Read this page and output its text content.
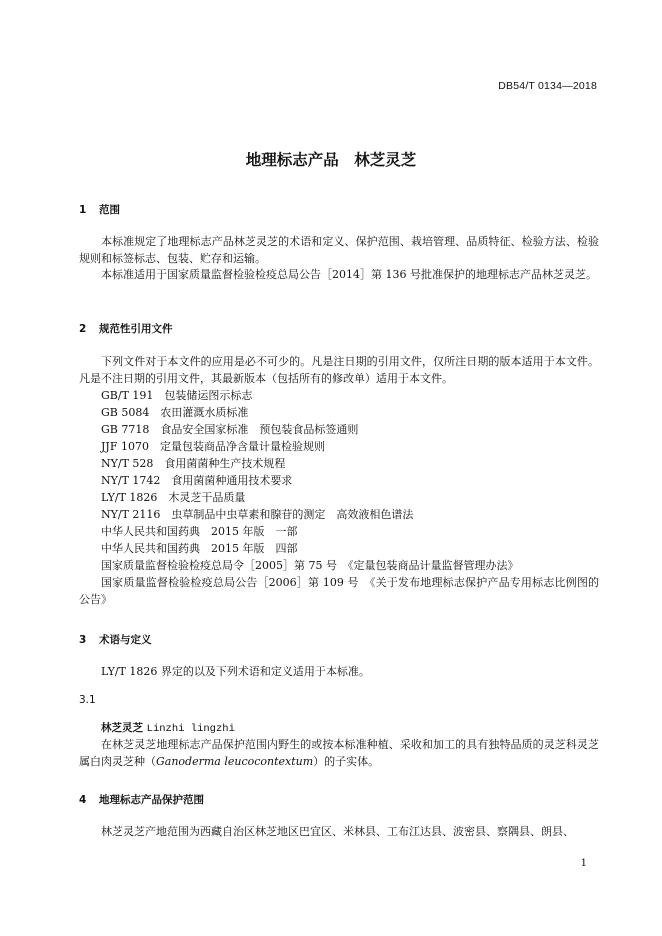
DB54/T 0134—2018
地理标志产品　林芝灵芝
1 范围
本标准规定了地理标志产品林芝灵芝的术语和定义、保护范围、栽培管理、品质特征、检验方法、检验规则和标签标志、包装、贮存和运输。
本标准适用于国家质量监督检验检疫总局公告［2014］第 136 号批准保护的地理标志产品林芝灵芝。
2 规范性引用文件
下列文件对于本文件的应用是必不可少的。凡是注日期的引用文件，仅所注日期的版本适用于本文件。凡是不注日期的引用文件，其最新版本（包括所有的修改单）适用于本文件。
GB/T 191　包装储运图示标志
GB 5084　农田灌溉水质标准
GB 7718　食品安全国家标准　预包装食品标签通则
JJF 1070　定量包装商品净含量计量检验规则
NY/T 528　食用菌菌种生产技术规程
NY/T 1742　食用菌菌种通用技术要求
LY/T 1826　木灵芝干品质量
NY/T 2116　虫草制品中虫草素和腺苷的测定　高效液相色谱法
中华人民共和国药典　2015 年版　一部
中华人民共和国药典　2015 年版　四部
国家质量监督检验检疫总局令［2005］第 75 号　《定量包装商品计量监督管理办法》
国家质量监督检验检疫总局公告［2006］第 109 号　《关于发布地理标志保护产品专用标志比例图的公告》
3 术语与定义
LY/T 1826 界定的以及下列术语和定义适用于本标准。
3.1
林芝灵芝 Linzhi lingzhi
在林芝灵芝地理标志产品保护范围内野生的或按本标准种植、采收和加工的具有独特品质的灵芝科灵芝属白肉灵芝种（Ganoderma leucocontextum）的子实体。
4 地理标志产品保护范围
林芝灵芝产地范围为西藏自治区林芝地区巴宜区、米林县、工布江达县、波密县、察隅县、朗县、
1
